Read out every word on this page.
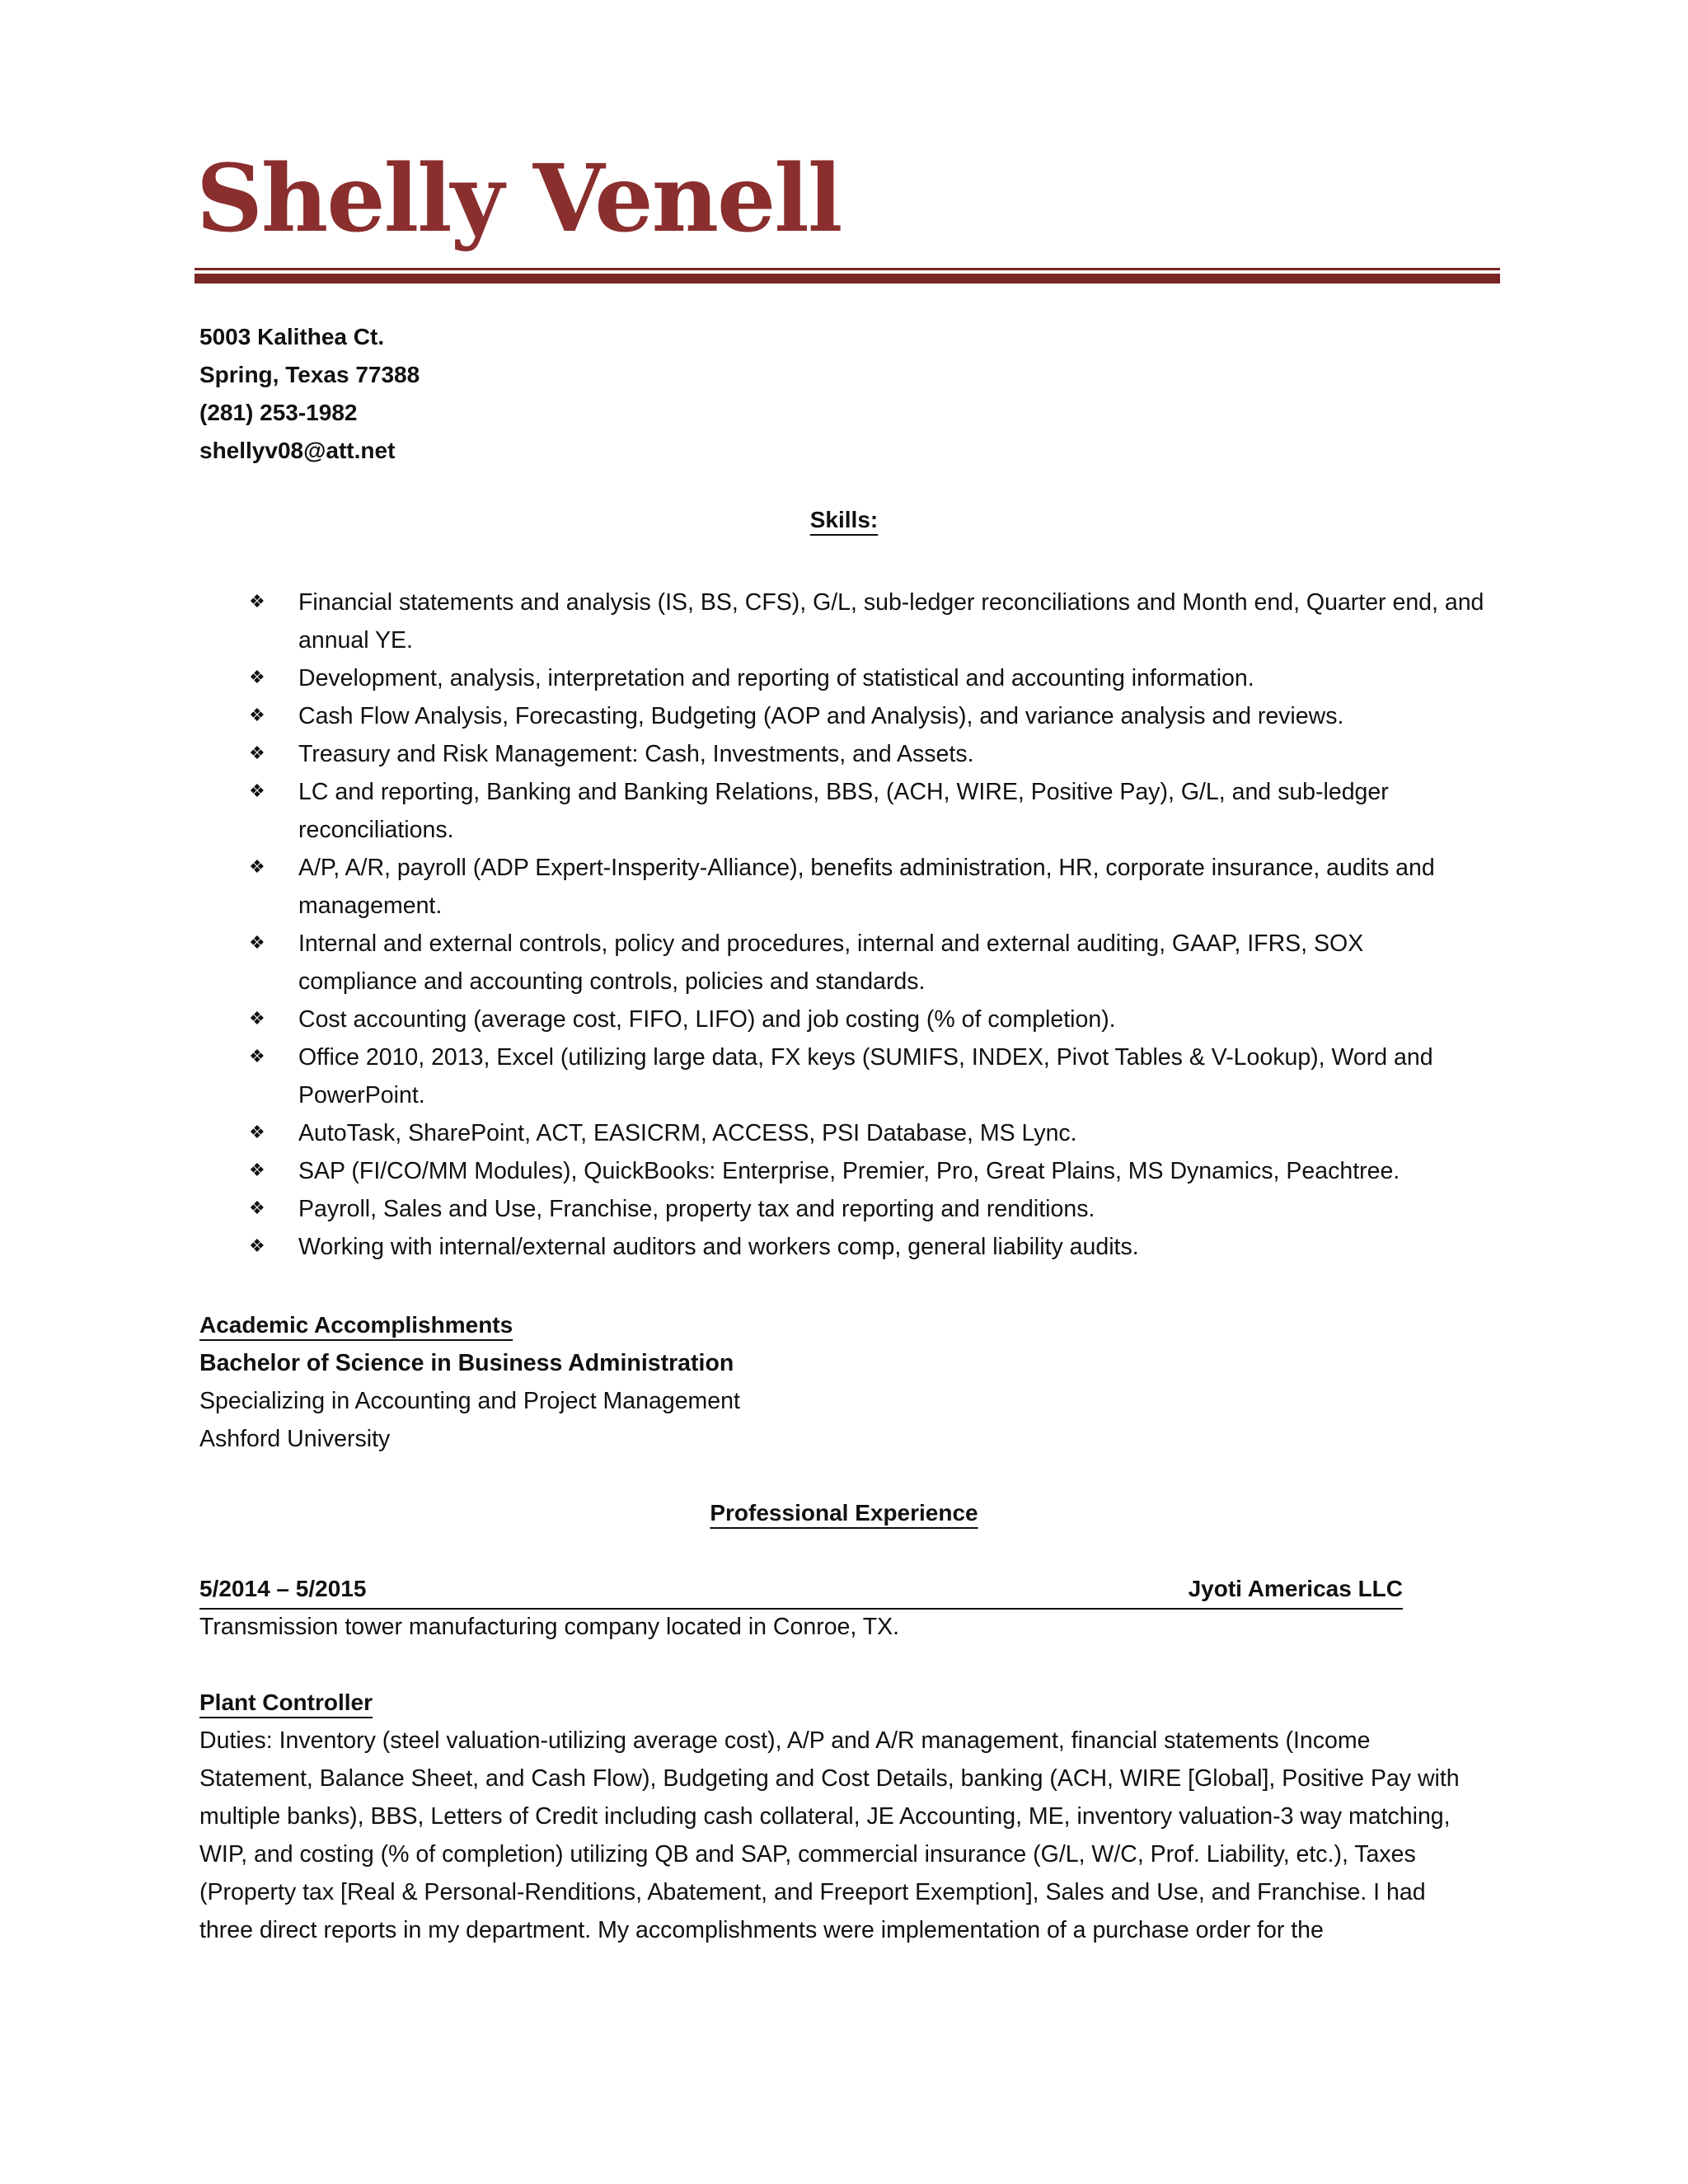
Shelly Venell
5003 Kalithea Ct.
Spring, Texas 77388
(281) 253-1982
shellyv08@att.net
Skills:
❖	Financial statements and analysis (IS, BS, CFS), G/L, sub-ledger reconciliations and Month end, Quarter end, and annual YE.
❖	Development, analysis, interpretation and reporting of statistical and accounting information.
❖	Cash Flow Analysis, Forecasting, Budgeting (AOP and Analysis), and variance analysis and reviews.
❖	Treasury and Risk Management: Cash, Investments, and Assets.
❖	LC and reporting, Banking and Banking Relations, BBS, (ACH, WIRE, Positive Pay), G/L, and sub-ledger reconciliations.
❖	A/P, A/R, payroll (ADP Expert-Insperity-Alliance), benefits administration, HR, corporate insurance, audits and management.
❖	Internal and external controls, policy and procedures, internal and external auditing, GAAP, IFRS, SOX compliance and accounting controls, policies and standards.
❖	Cost accounting (average cost, FIFO, LIFO) and job costing (% of completion).
❖	Office 2010, 2013, Excel (utilizing large data, FX keys (SUMIFS, INDEX, Pivot Tables & V-Lookup), Word and PowerPoint.
❖	AutoTask, SharePoint, ACT, EASICRM, ACCESS, PSI Database, MS Lync.
❖	SAP (FI/CO/MM Modules), QuickBooks: Enterprise, Premier, Pro, Great Plains, MS Dynamics, Peachtree.
❖	Payroll, Sales and Use, Franchise, property tax and reporting and renditions.
❖	Working with internal/external auditors and workers comp, general liability audits.
Academic Accomplishments
Bachelor of Science in Business Administration
Specializing in Accounting and Project Management
Ashford University
Professional Experience
5/2014 – 5/2015	Jyoti Americas LLC
Transmission tower manufacturing company located in Conroe, TX.
Plant Controller
Duties: Inventory (steel valuation-utilizing average cost), A/P and A/R management, financial statements (Income Statement, Balance Sheet, and Cash Flow), Budgeting and Cost Details, banking (ACH, WIRE [Global], Positive Pay with multiple banks), BBS, Letters of Credit including cash collateral, JE Accounting, ME, inventory valuation-3 way matching, WIP, and costing (% of completion) utilizing QB and SAP, commercial insurance (G/L, W/C, Prof. Liability, etc.), Taxes (Property tax [Real & Personal-Renditions, Abatement, and Freeport Exemption], Sales and Use, and Franchise. I had three direct reports in my department. My accomplishments were implementation of a purchase order for the
